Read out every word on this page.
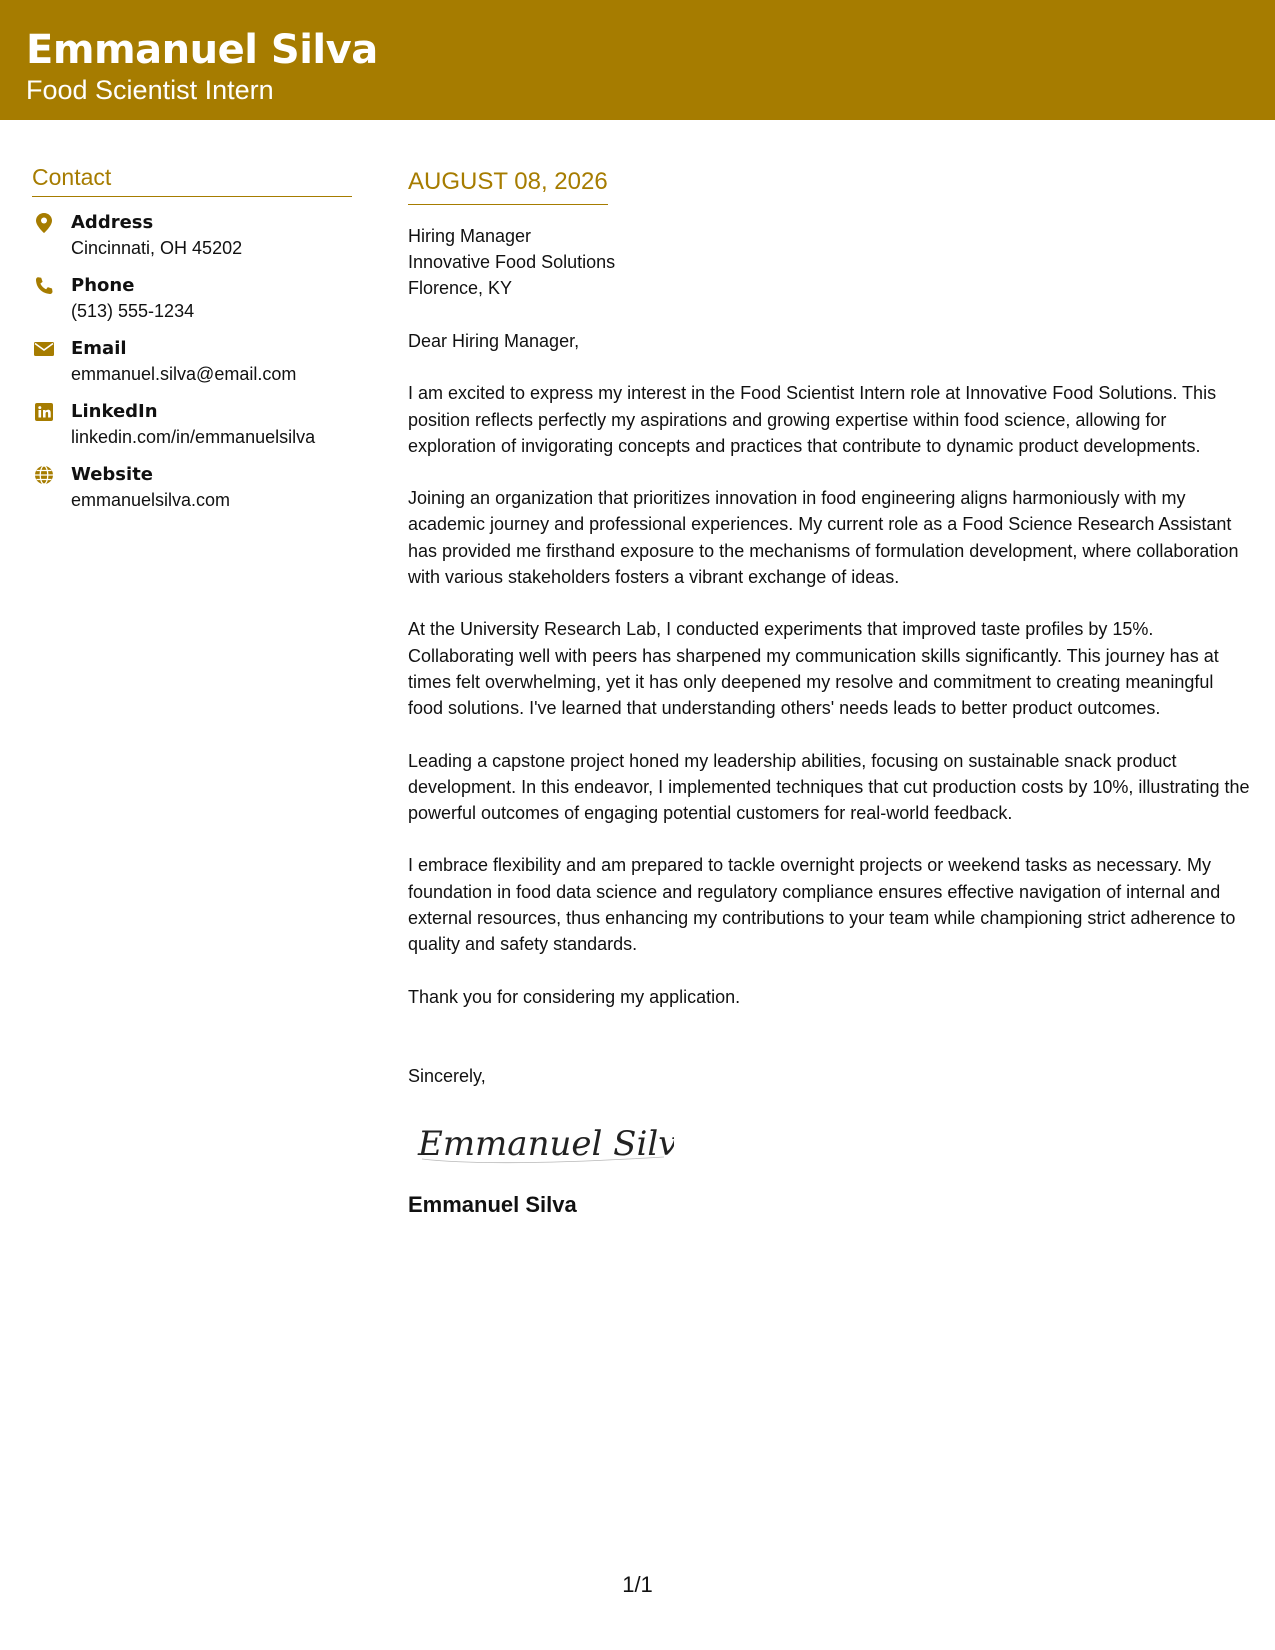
Emmanuel Silva
Food Scientist Intern
Contact
Address
Cincinnati, OH 45202
Phone
(513) 555-1234
Email
emmanuel.silva@email.com
LinkedIn
linkedin.com/in/emmanuelsilva
Website
emmanuelsilva.com
AUGUST 08, 2026
Hiring Manager
Innovative Food Solutions
Florence, KY
Dear Hiring Manager,
I am excited to express my interest in the Food Scientist Intern role at Innovative Food Solutions. This position reflects perfectly my aspirations and growing expertise within food science, allowing for exploration of invigorating concepts and practices that contribute to dynamic product developments.
Joining an organization that prioritizes innovation in food engineering aligns harmoniously with my academic journey and professional experiences. My current role as a Food Science Research Assistant has provided me firsthand exposure to the mechanisms of formulation development, where collaboration with various stakeholders fosters a vibrant exchange of ideas.
At the University Research Lab, I conducted experiments that improved taste profiles by 15%. Collaborating well with peers has sharpened my communication skills significantly. This journey has at times felt overwhelming, yet it has only deepened my resolve and commitment to creating meaningful food solutions. I've learned that understanding others' needs leads to better product outcomes.
Leading a capstone project honed my leadership abilities, focusing on sustainable snack product development. In this endeavor, I implemented techniques that cut production costs by 10%, illustrating the powerful outcomes of engaging potential customers for real-world feedback.
I embrace flexibility and am prepared to tackle overnight projects or weekend tasks as necessary. My foundation in food data science and regulatory compliance ensures effective navigation of internal and external resources, thus enhancing my contributions to your team while championing strict adherence to quality and safety standards.
Thank you for considering my application.
Sincerely,
Emmanuel Silva
Emmanuel Silva
1/1
